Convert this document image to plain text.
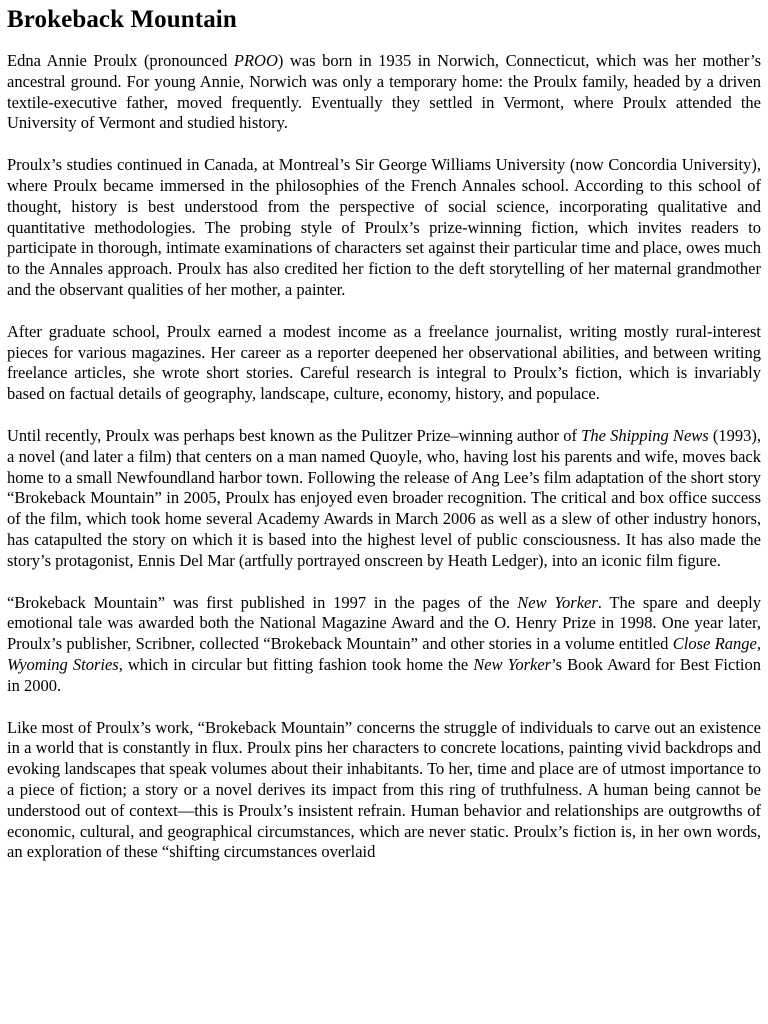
Brokeback Mountain

Edna Annie Proulx (pronounced PROO) was born in 1935 in Norwich, Connecticut, which was her mother’s ancestral ground. For young Annie, Norwich was only a temporary home: the Proulx family, headed by a driven textile-executive father, moved frequently. Eventually they settled in Vermont, where Proulx attended the University of Vermont and studied history.

Proulx’s studies continued in Canada, at Montreal’s Sir George Williams University (now Concordia University), where Proulx became immersed in the philosophies of the French Annales school. According to this school of thought, history is best understood from the perspective of social science, incorporating qualitative and quantitative methodologies. The probing style of Proulx’s prize-winning fiction, which invites readers to participate in thorough, intimate examinations of characters set against their particular time and place, owes much to the Annales approach. Proulx has also credited her fiction to the deft storytelling of her maternal grandmother and the observant qualities of her mother, a painter.

After graduate school, Proulx earned a modest income as a freelance journalist, writing mostly rural-interest pieces for various magazines. Her career as a reporter deepened her observational abilities, and between writing freelance articles, she wrote short stories. Careful research is integral to Proulx’s fiction, which is invariably based on factual details of geography, landscape, culture, economy, history, and populace.

Until recently, Proulx was perhaps best known as the Pulitzer Prize–winning author of The Shipping News (1993), a novel (and later a film) that centers on a man named Quoyle, who, having lost his parents and wife, moves back home to a small Newfoundland harbor town. Following the release of Ang Lee’s film adaptation of the short story “Brokeback Mountain” in 2005, Proulx has enjoyed even broader recognition. The critical and box office success of the film, which took home several Academy Awards in March 2006 as well as a slew of other industry honors, has catapulted the story on which it is based into the highest level of public consciousness. It has also made the story’s protagonist, Ennis Del Mar (artfully portrayed onscreen by Heath Ledger), into an iconic film figure.

“Brokeback Mountain” was first published in 1997 in the pages of the New Yorker. The spare and deeply emotional tale was awarded both the National Magazine Award and the O. Henry Prize in 1998. One year later, Proulx’s publisher, Scribner, collected “Brokeback Mountain” and other stories in a volume entitled Close Range, Wyoming Stories, which in circular but fitting fashion took home the New Yorker’s Book Award for Best Fiction in 2000.

Like most of Proulx’s work, “Brokeback Mountain” concerns the struggle of individuals to carve out an existence in a world that is constantly in flux. Proulx pins her characters to concrete locations, painting vivid backdrops and evoking landscapes that speak volumes about their inhabitants. To her, time and place are of utmost importance to a piece of fiction; a story or a novel derives its impact from this ring of truthfulness. A human being cannot be understood out of context—this is Proulx’s insistent refrain. Human behavior and relationships are outgrowths of economic, cultural, and geographical circumstances, which are never static. Proulx’s fiction is, in her own words, an exploration of these “shifting circumstances overlaid
